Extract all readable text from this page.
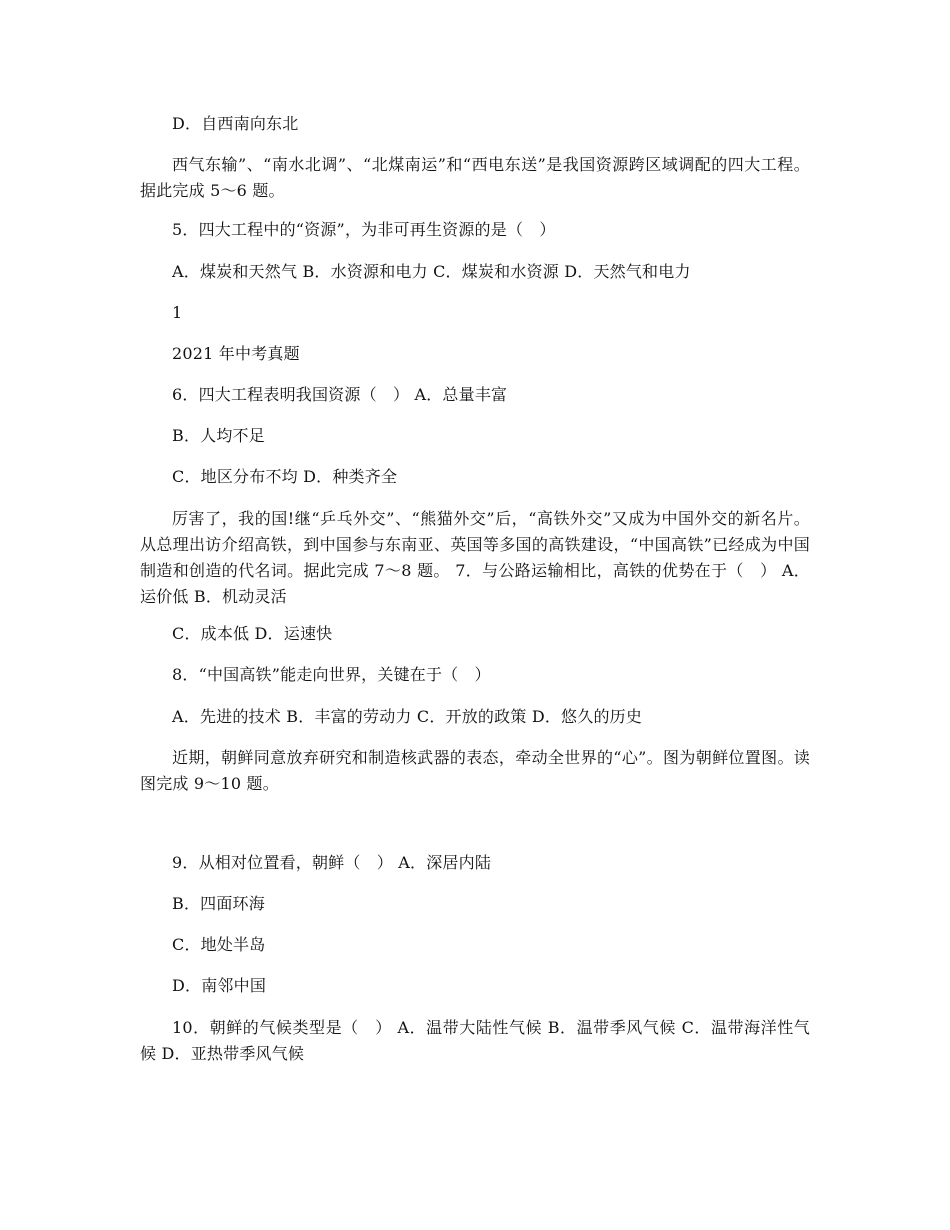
D．自西南向东北
西气东输”、“南水北调”、“北煤南运”和“西电东送”是我国资源跨区域调配的四大工程。据此完成 5～6 题。
5．四大工程中的“资源”，为非可再生资源的是（　）
A．煤炭和天然气 B．水资源和电力 C．煤炭和水资源 D．天然气和电力
1
2021 年中考真题
6．四大工程表明我国资源（　） A．总量丰富
B．人均不足
C．地区分布不均 D．种类齐全
厉害了，我的国!继“乒乓外交”、“熊猫外交”后，“高铁外交”又成为中国外交的新名片。从总理出访介绍高铁，到中国参与东南亚、英国等多国的高铁建设，“中国高铁”已经成为中国制造和创造的代名词。据此完成 7～8 题。 7．与公路运输相比，高铁的优势在于（　） A．运价低 B．机动灵活
C．成本低 D．运速快
8．“中国高铁”能走向世界，关键在于（　）
A．先进的技术 B．丰富的劳动力 C．开放的政策 D．悠久的历史
近期，朝鲜同意放弃研究和制造核武器的表态，牵动全世界的“心”。图为朝鲜位置图。读图完成 9～10 题。
9．从相对位置看，朝鲜（　） A．深居内陆
B．四面环海
C．地处半岛
D．南邻中国
10．朝鲜的气候类型是（　） A．温带大陆性气候 B．温带季风气候 C．温带海洋性气候 D．亚热带季风气候
